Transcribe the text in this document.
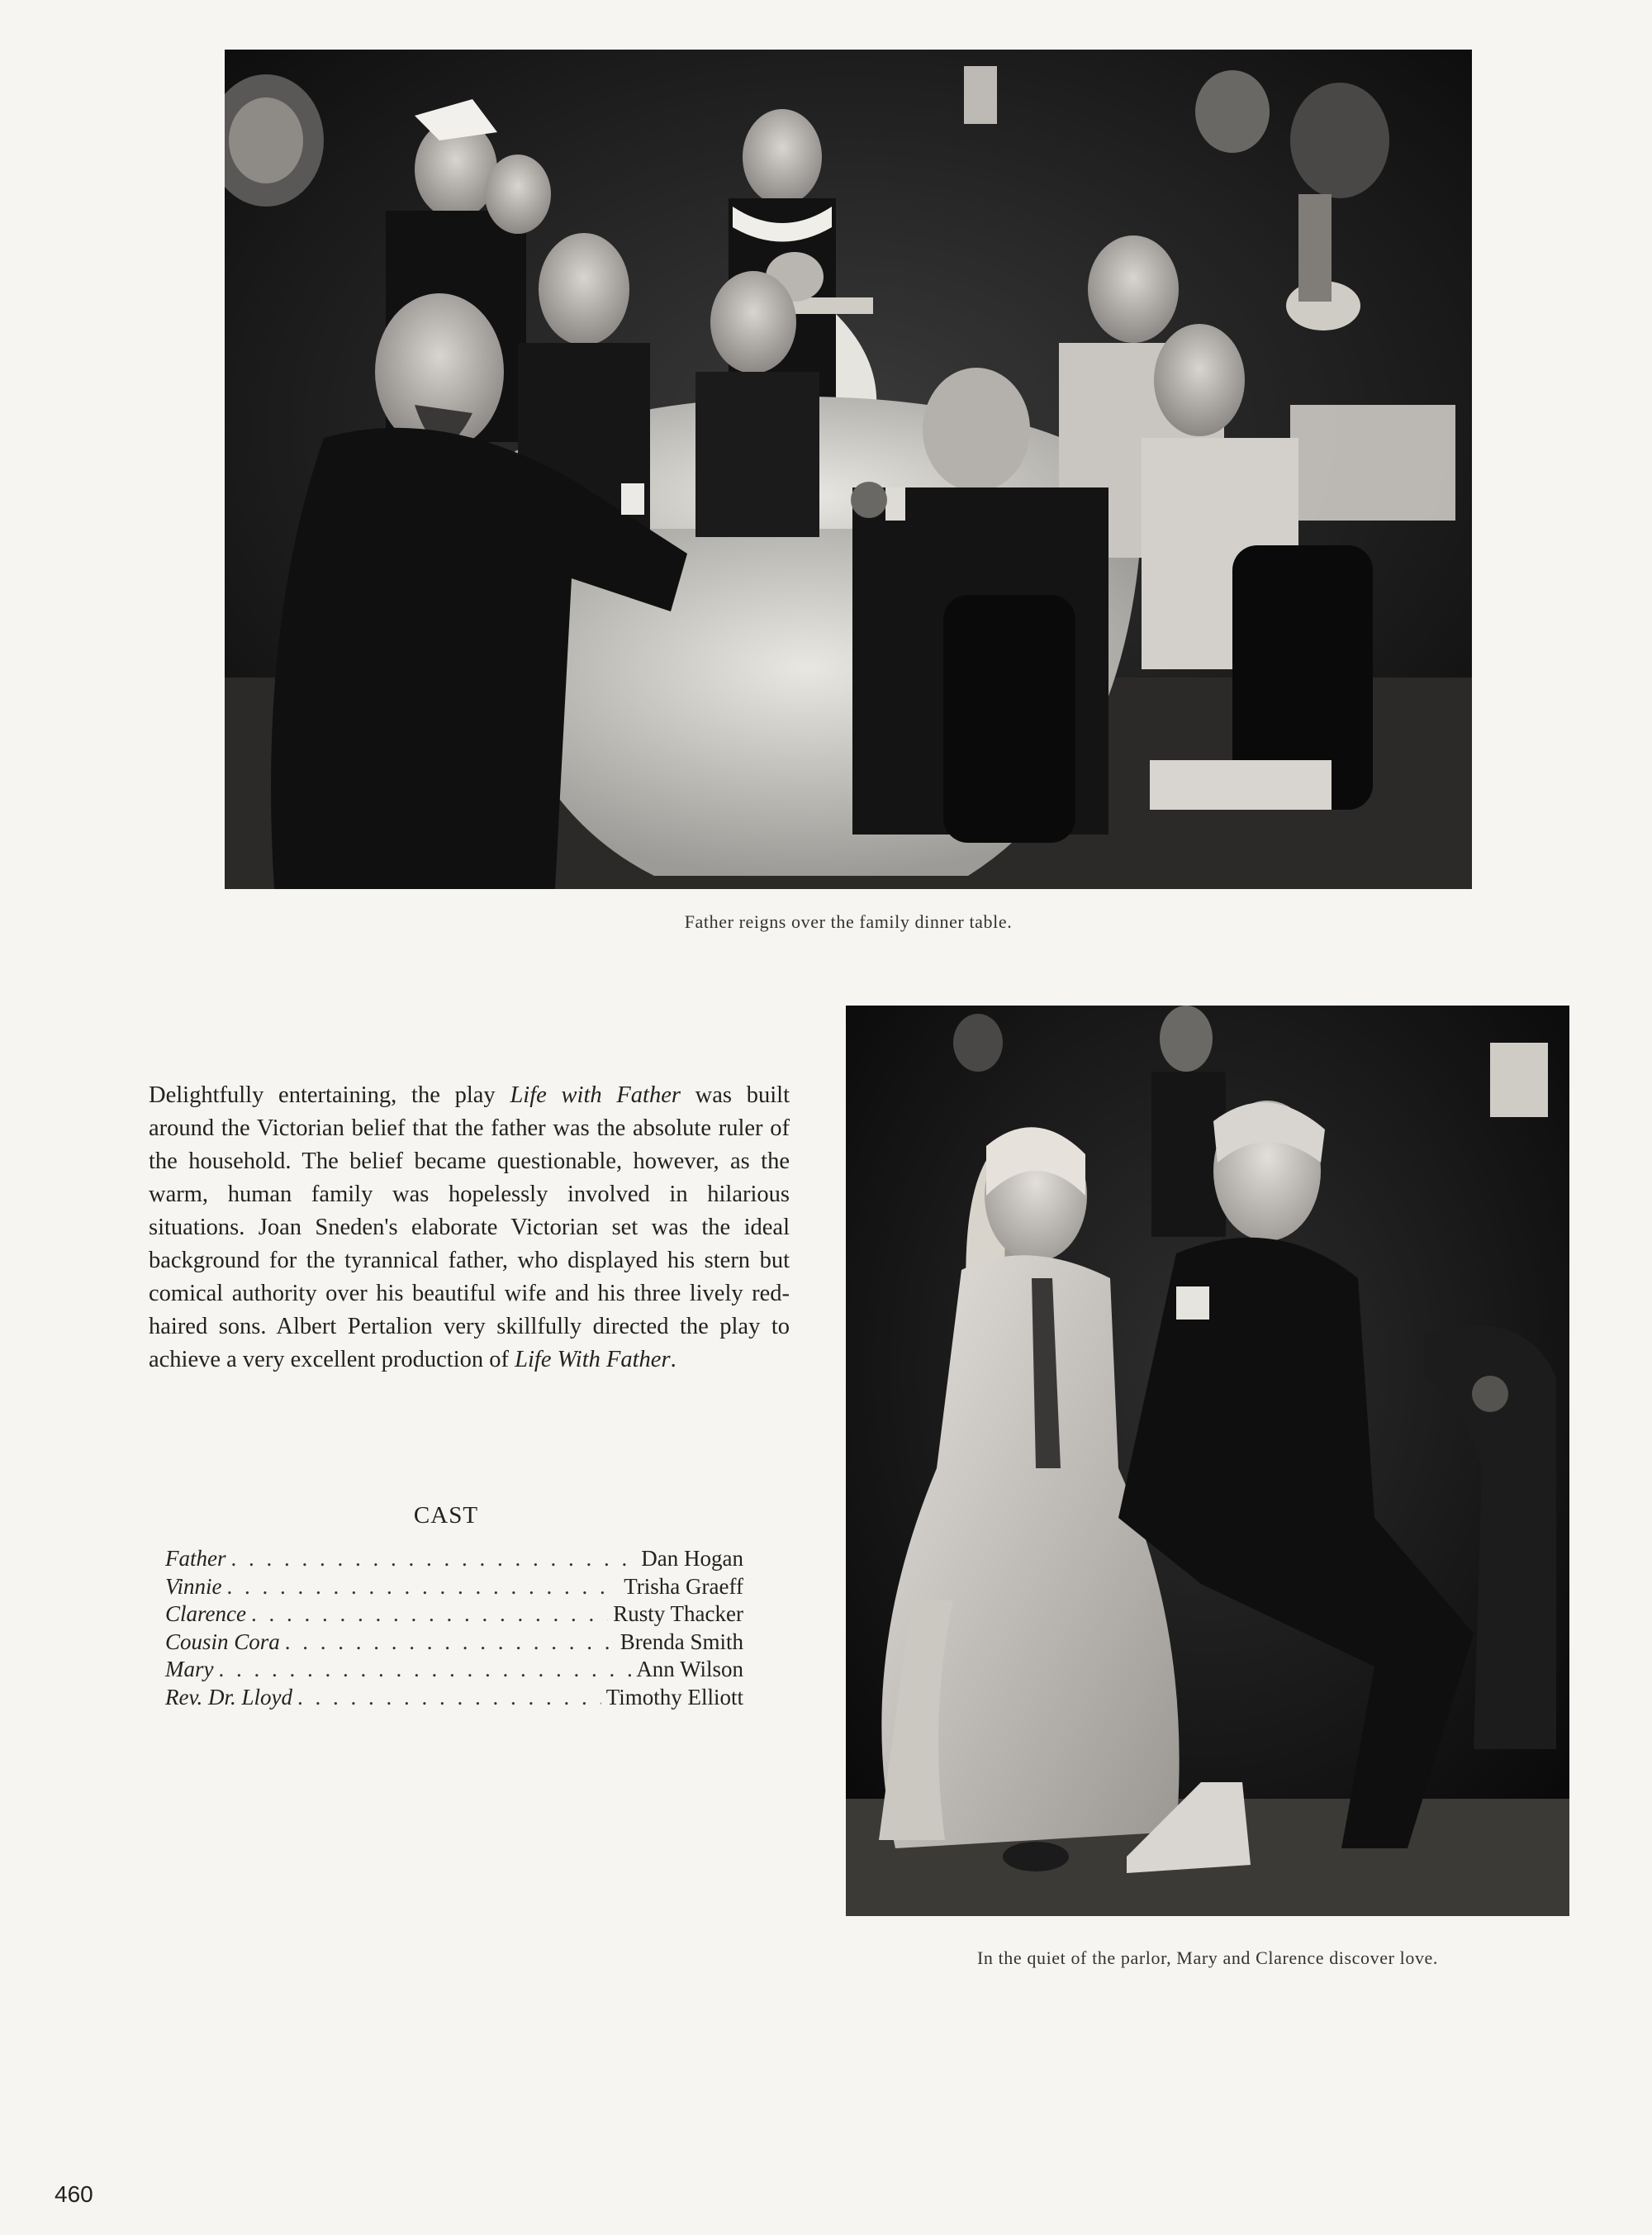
Father reigns over the family dinner table.

Delightfully entertaining, the play Life with Father was built around the Victorian belief that the father was the absolute ruler of the household. The belief became questionable, however, as the warm, human family was hopelessly involved in hilarious situations. Joan Sneden's elaborate Victorian set was the ideal background for the tyrannical father, who displayed his stern but comical authority over his beautiful wife and his three lively red-haired sons. Albert Pertalion very skillfully directed the play to achieve a very excellent production of Life With Father.

CAST
Father . . .	Dan Hogan
Vinnie . . .	Trisha Graeff
Clarence . . .	Rusty Thacker
Cousin Cora . . .	Brenda Smith
Mary . . .	Ann Wilson
Rev. Dr. Lloyd . . .	Timothy Elliott
In the quiet of the parlor, Mary and Clarence discover love.
460
